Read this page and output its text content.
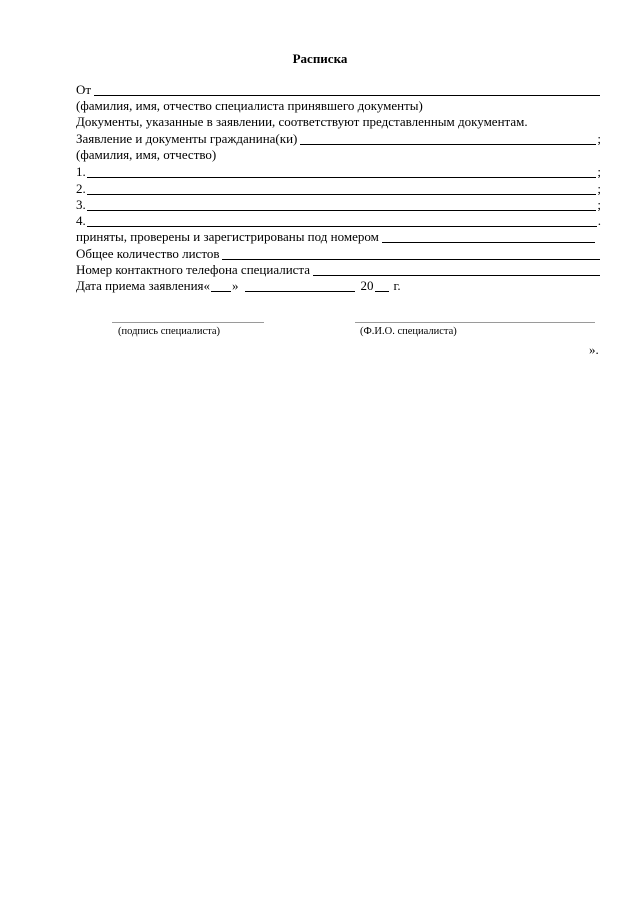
Расписка
От
(фамилия, имя, отчество специалиста принявшего документы)
Документы, указанные в заявлении, соответствуют представленным документам.
Заявление и документы гражданина(ки)	;
(фамилия, имя, отчество)
1.	;
2.	;
3.	;
4.	.
приняты, проверены и зарегистрированы под номером
Общее количество листов
Номер контактного телефона специалиста
Дата приема заявления« »	20 г.
(подпись специалиста)	(Ф.И.О. специалиста)
».
